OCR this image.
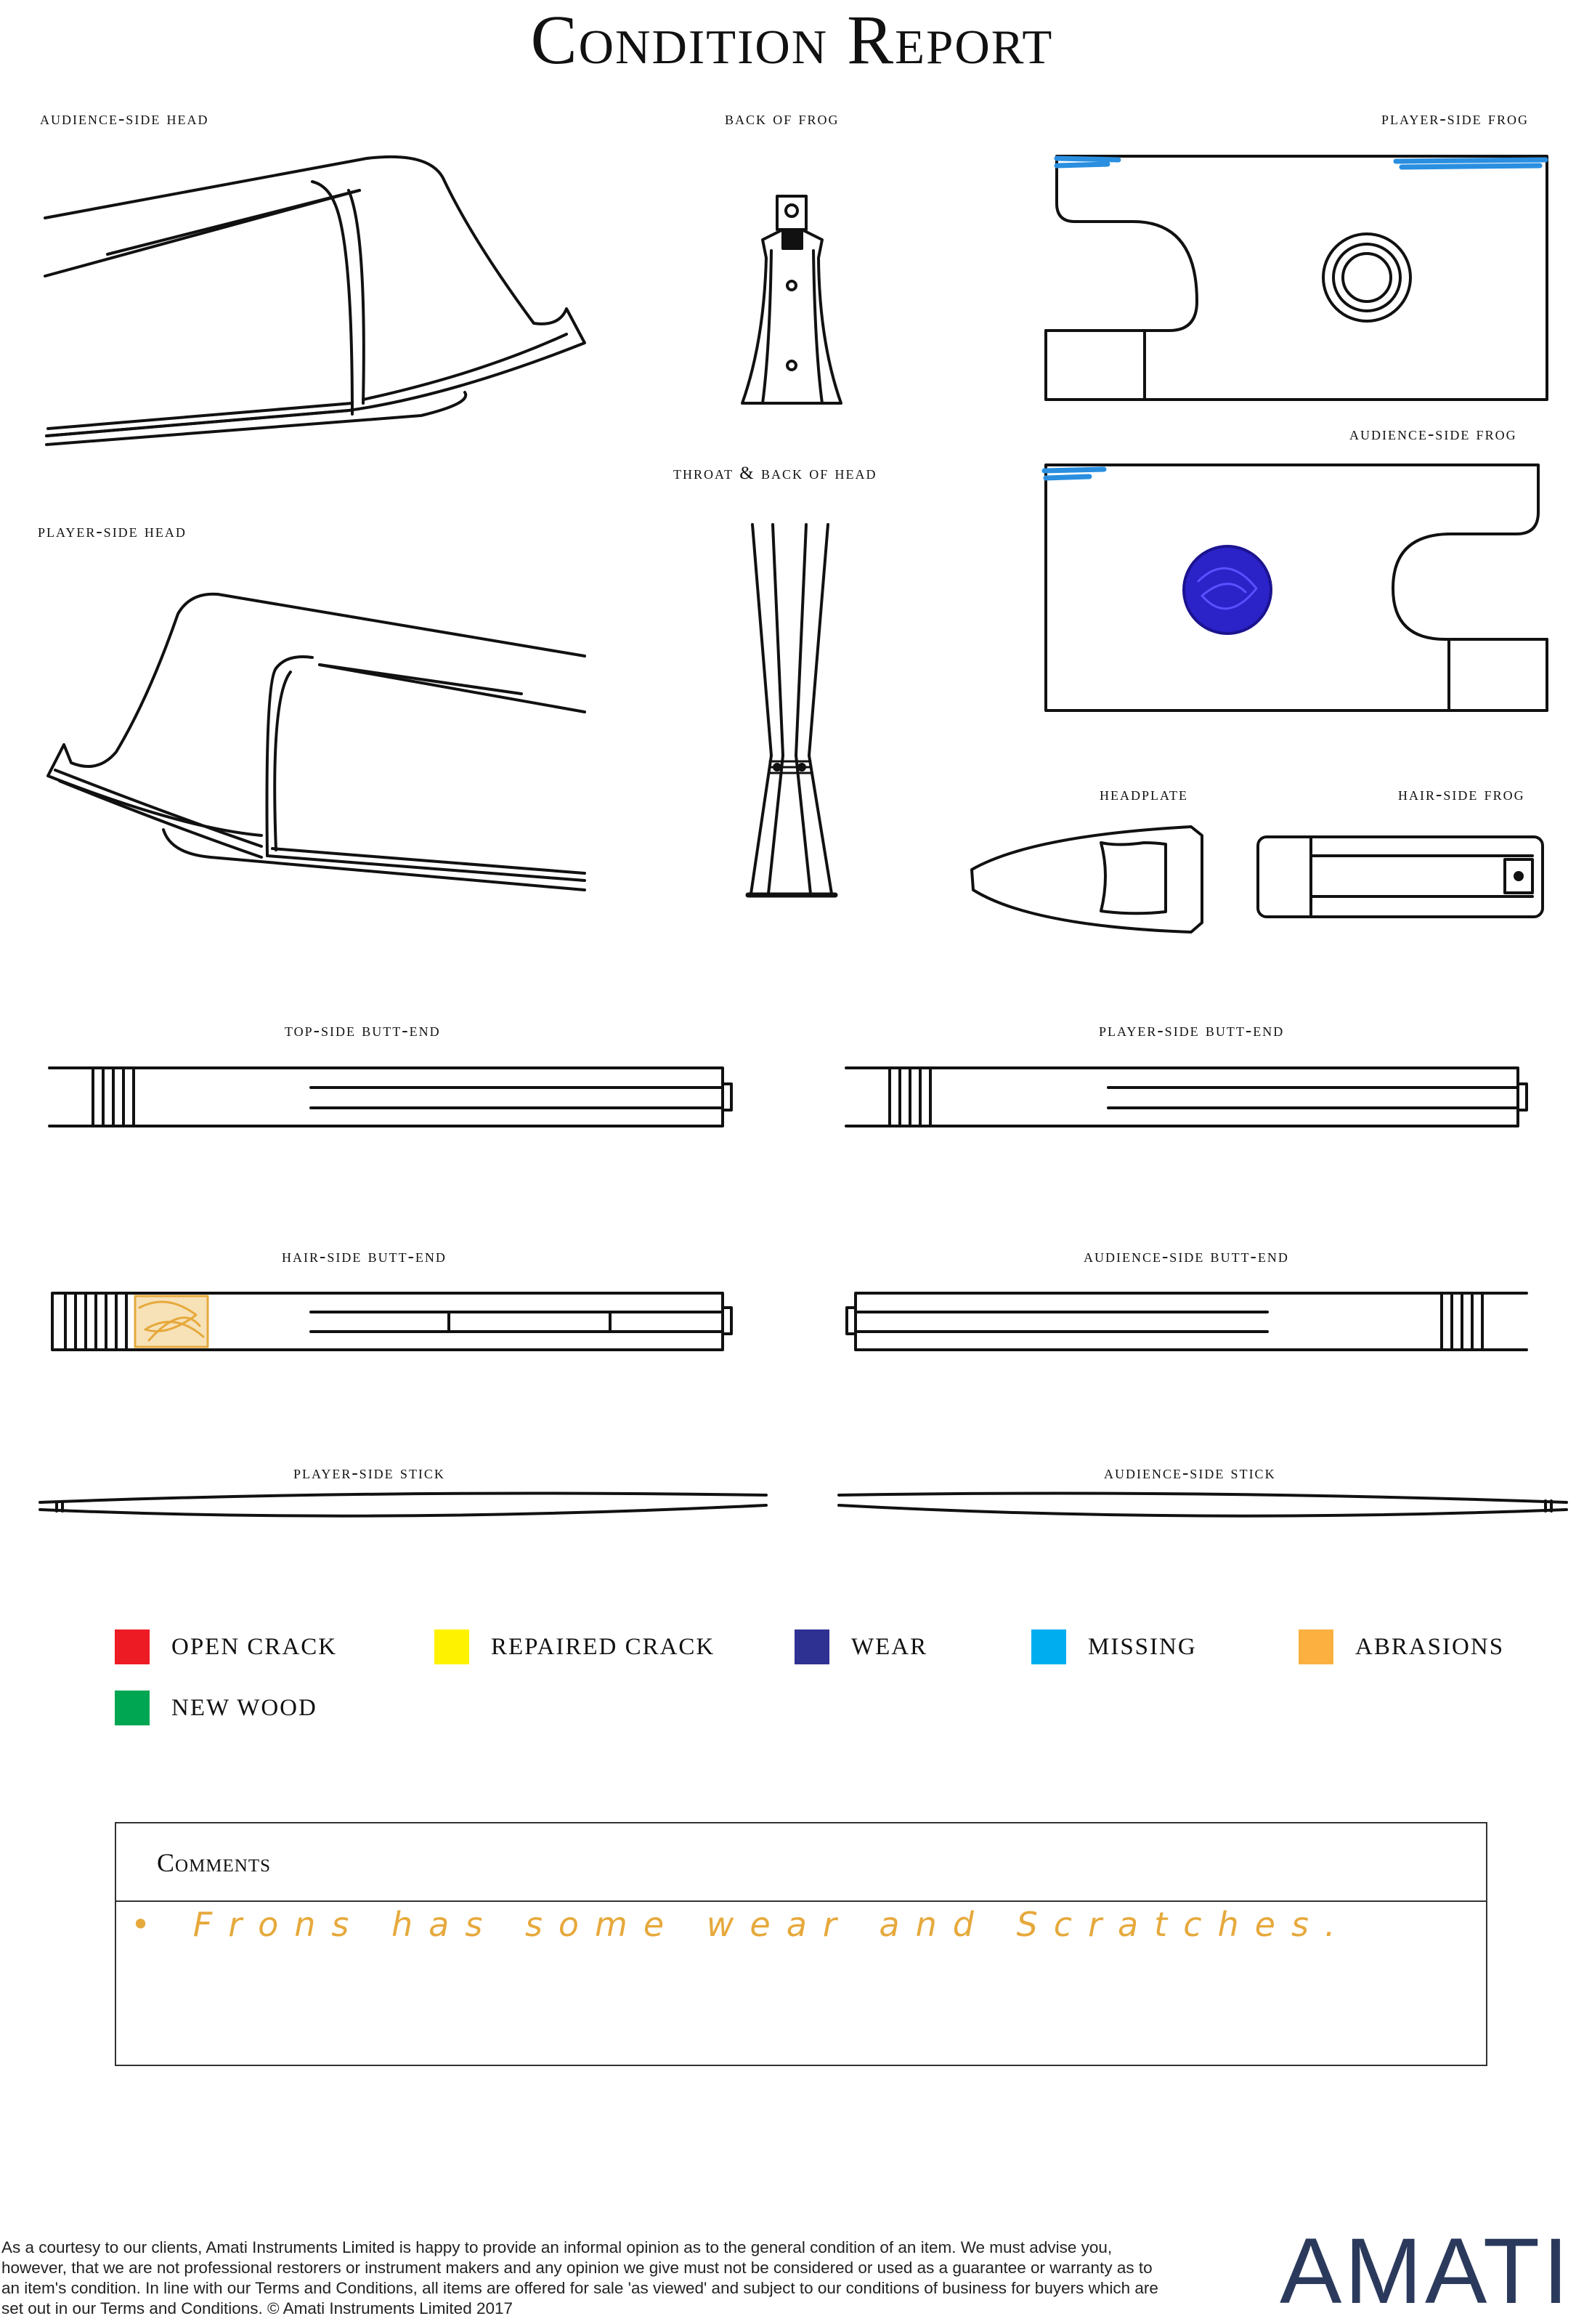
Condition Report
audience-side head	back of frog	player-side frog
throat & back of head
audience-side frog
player-side head
headplate	hair-side frog
top-side butt-end	player-side butt-end
hair-side butt-end	audience-side butt-end
player-side stick	audience-side stick
OPEN CRACK	REPAIRED CRACK	WEAR	MISSING	ABRASIONS
NEW WOOD
Comments
• Frons has some wear and Scratches.
As a courtesy to our clients, Amati Instruments Limited is happy to provide an informal opinion as to the general condition of an item. We must advise you, however, that we are not professional restorers or instrument makers and any opinion we give must not be considered or used as a guarantee or warranty as to an item's condition. In line with our Terms and Conditions, all items are offered for sale 'as viewed' and subject to our conditions of business for buyers which are set out in our Terms and Conditions. © Amati Instruments Limited 2017	AMATI
